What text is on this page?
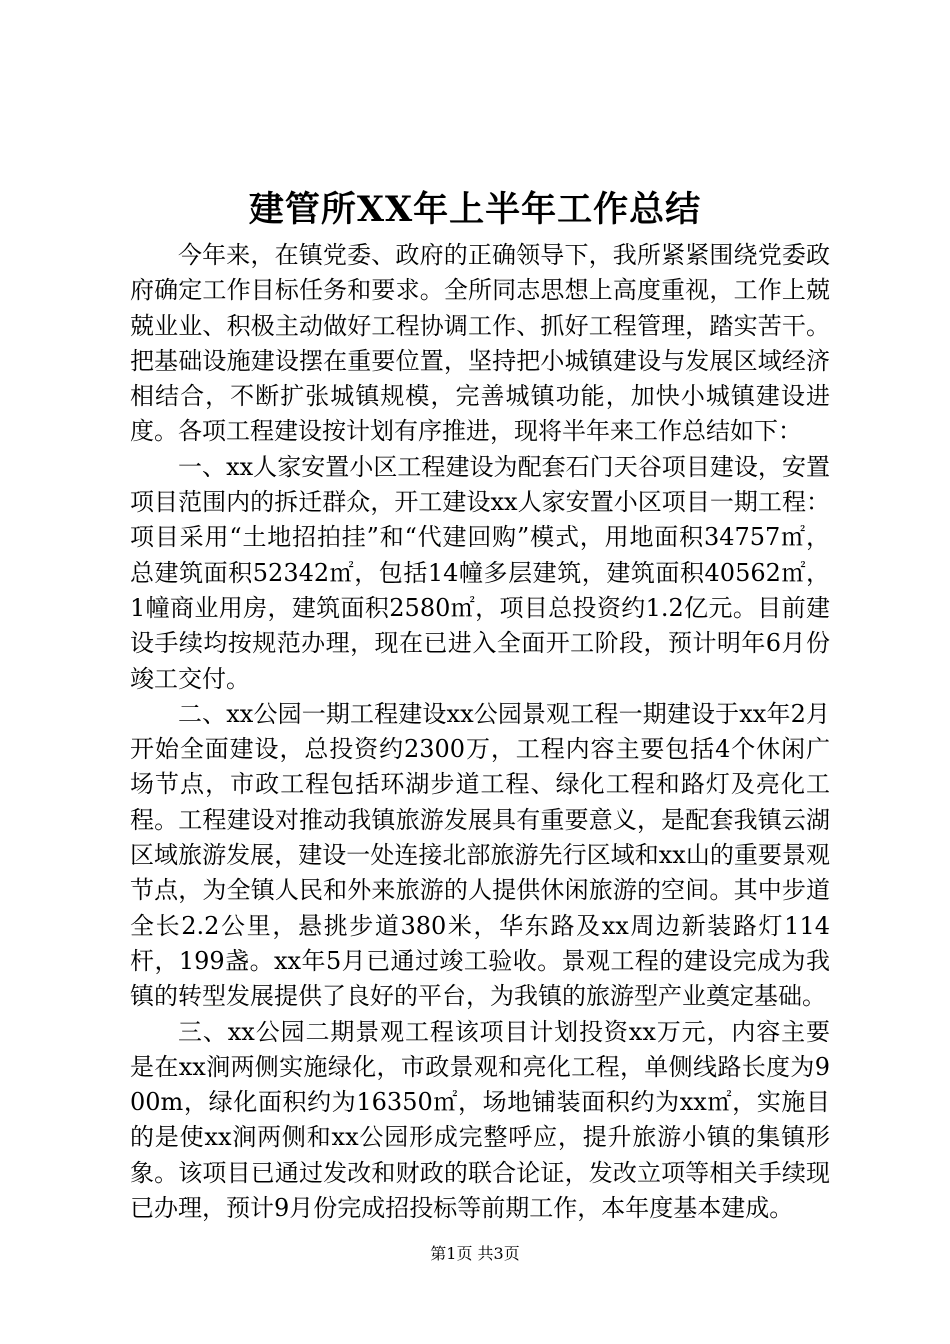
建管所XX年上半年工作总结

今年来，在镇党委、政府的正确领导下，我所紧紧围绕党委政府确定工作目标任务和要求。全所同志思想上高度重视，工作上兢兢业业、积极主动做好工程协调工作、抓好工程管理，踏实苦干。把基础设施建设摆在重要位置，坚持把小城镇建设与发展区域经济相结合，不断扩张城镇规模，完善城镇功能，加快小城镇建设进度。各项工程建设按计划有序推进，现将半年来工作总结如下：

一、xx人家安置小区工程建设为配套石门天谷项目建设，安置项目范围内的拆迁群众，开工建设xx人家安置小区项目一期工程：项目采用“土地招拍挂”和“代建回购”模式，用地面积34757㎡，总建筑面积52342㎡，包括14幢多层建筑，建筑面积40562㎡，1幢商业用房，建筑面积2580㎡，项目总投资约1.2亿元。目前建设手续均按规范办理，现在已进入全面开工阶段，预计明年6月份竣工交付。

二、xx公园一期工程建设xx公园景观工程一期建设于xx年2月开始全面建设，总投资约2300万，工程内容主要包括4个休闲广场节点，市政工程包括环湖步道工程、绿化工程和路灯及亮化工程。工程建设对推动我镇旅游发展具有重要意义，是配套我镇云湖区域旅游发展，建设一处连接北部旅游先行区域和xx山的重要景观节点，为全镇人民和外来旅游的人提供休闲旅游的空间。其中步道全长2.2公里，悬挑步道380米，华东路及xx周边新装路灯114杆，199盏。xx年5月已通过竣工验收。景观工程的建设完成为我镇的转型发展提供了良好的平台，为我镇的旅游型产业奠定基础。

三、xx公园二期景观工程该项目计划投资xx万元，内容主要是在xx涧两侧实施绿化，市政景观和亮化工程，单侧线路长度为900m，绿化面积约为16350㎡，场地铺装面积约为xx㎡，实施目的是使xx涧两侧和xx公园形成完整呼应，提升旅游小镇的集镇形象。该项目已通过发改和财政的联合论证，发改立项等相关手续现已办理，预计9月份完成招投标等前期工作，本年度基本建成。

第1页 共3页
